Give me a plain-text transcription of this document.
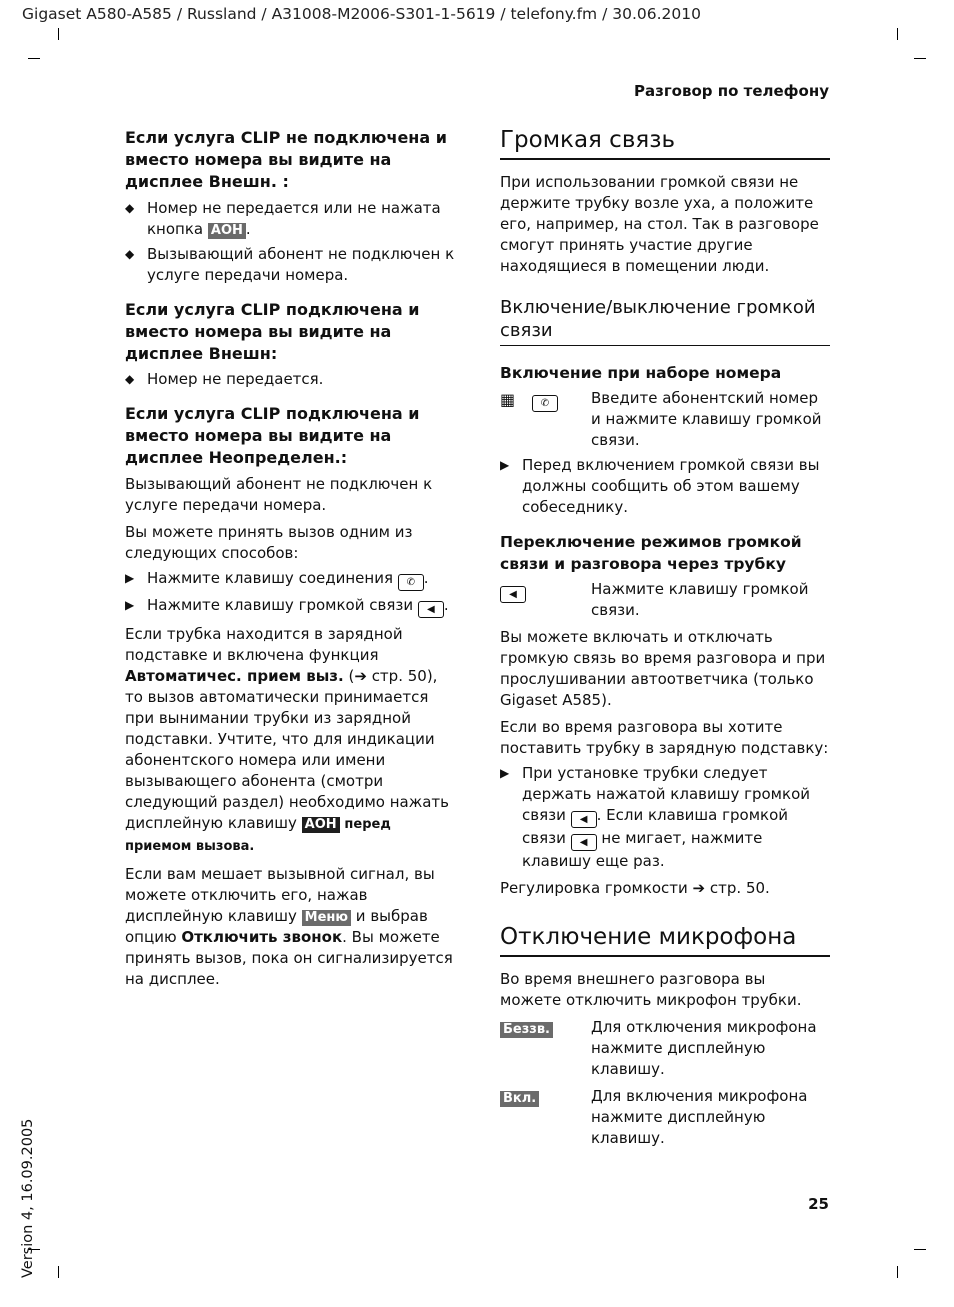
Gigaset A580-A585 / Russland / A31008-M2006-S301-1-5619 / telefony.fm / 30.06.2010
Разговор по телефону
25
Version 4, 16.09.2005

Если услуга CLIP не подключена и вместо номера вы видите на дисплее Внешн. :

◆ Номер не передается или не нажата кнопка АОН .
◆ Вызывающий абонент не подключен к услуге передачи номера.

Если услуга CLIP подключена и вместо номера вы видите на дисплее Внешн:

◆ Номер не передается.

Если услуга CLIP подключена и вместо номера вы видите на дисплее Неопределен.:

Вызывающий абонент не подключен к услуге передачи номера.

Вы можете принять вызов одним из следующих способов:

▶ Нажмите клавишу соединения ✆ .
▶ Нажмите клавишу громкой связи ◀ .

Если трубка находится в зарядной подставке и включена функция Автоматичес. прием выз. (➔ стр. 50), то вызов автоматически принимается при вынимании трубки из зарядной подставки. Учтите, что для индикации абонентского номера или имени вызывающего абонента (смотри следующий раздел) необходимо нажать дисплейную клавишу АОН перед приемом вызова.

Если вам мешает вызывной сигнал, вы можете отключить его, нажав дисплейную клавишу Меню и выбрав опцию Отключить звонок. Вы можете принять вызов, пока он сигнализируется на дисплее.

Громкая связь

При использовании громкой связи не держите трубку возле уха, а положите его, например, на стол. Так в разговоре смогут принять участие другие находящиеся в помещении люди.

Включение/выключение громкой связи

Включение при наборе номера

▦	✆	Введите абонентский номер и нажмите клавишу громкой связи.
▶ Перед включением громкой связи вы должны сообщить об этом вашему собеседнику.

Переключение режимов громкой связи и разговора через трубку

◀	Нажмите клавишу громкой связи.

Вы можете включать и отключать громкую связь во время разговора и при прослушивании автоответчика (только Gigaset A585).

Если во время разговора вы хотите поставить трубку в зарядную подставку:

▶ При установке трубки следует держать нажатой клавишу громкой связи ◀ . Если клавиша громкой связи ◀ не мигает, нажмите клавишу еще раз.

Регулировка громкости ➔ стр. 50.

Отключение микрофона

Во время внешнего разговора вы можете отключить микрофон трубки.

Беззв.	Для отключения микрофона нажмите дисплейную клавишу.
Вкл.	Для включения микрофона нажмите дисплейную клавишу.
